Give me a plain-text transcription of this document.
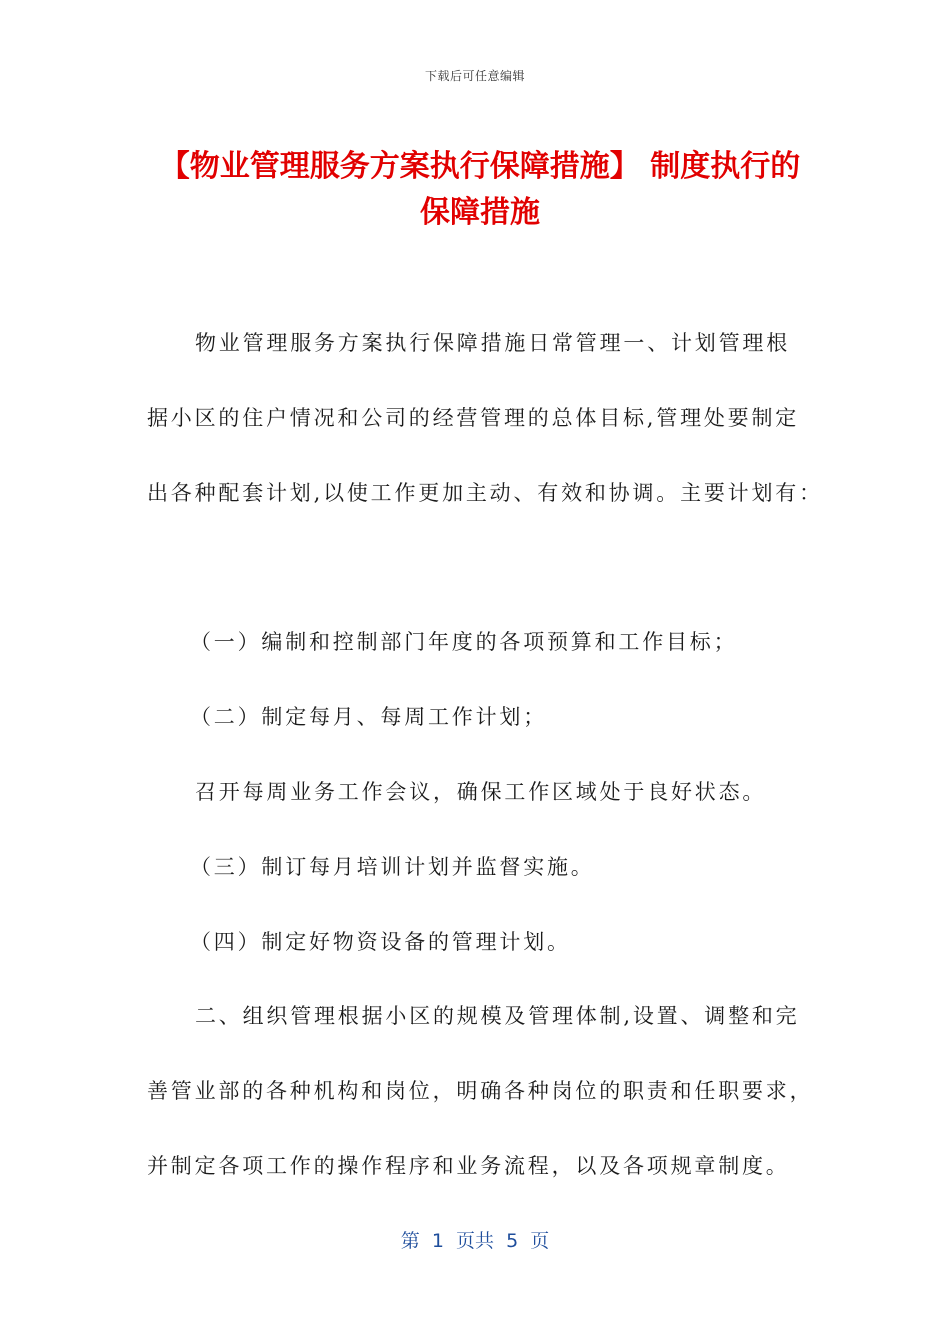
下载后可任意编辑
【物业管理服务方案执行保障措施】 制度执行的保障措施
物业管理服务方案执行保障措施日常管理一、计划管理根
据小区的住户情况和公司的经营管理的总体目标,管理处要制定
出各种配套计划,以使工作更加主动、有效和协调。主要计划有：
（一）编制和控制部门年度的各项预算和工作目标；
（二）制定每月、每周工作计划；
召开每周业务工作会议，确保工作区域处于良好状态。
（三）制订每月培训计划并监督实施。
（四）制定好物资设备的管理计划。
二、组织管理根据小区的规模及管理体制,设置、调整和完
善管业部的各种机构和岗位，明确各种岗位的职责和任职要求，
并制定各项工作的操作程序和业务流程，以及各项规章制度。
第  1  页共  5  页
